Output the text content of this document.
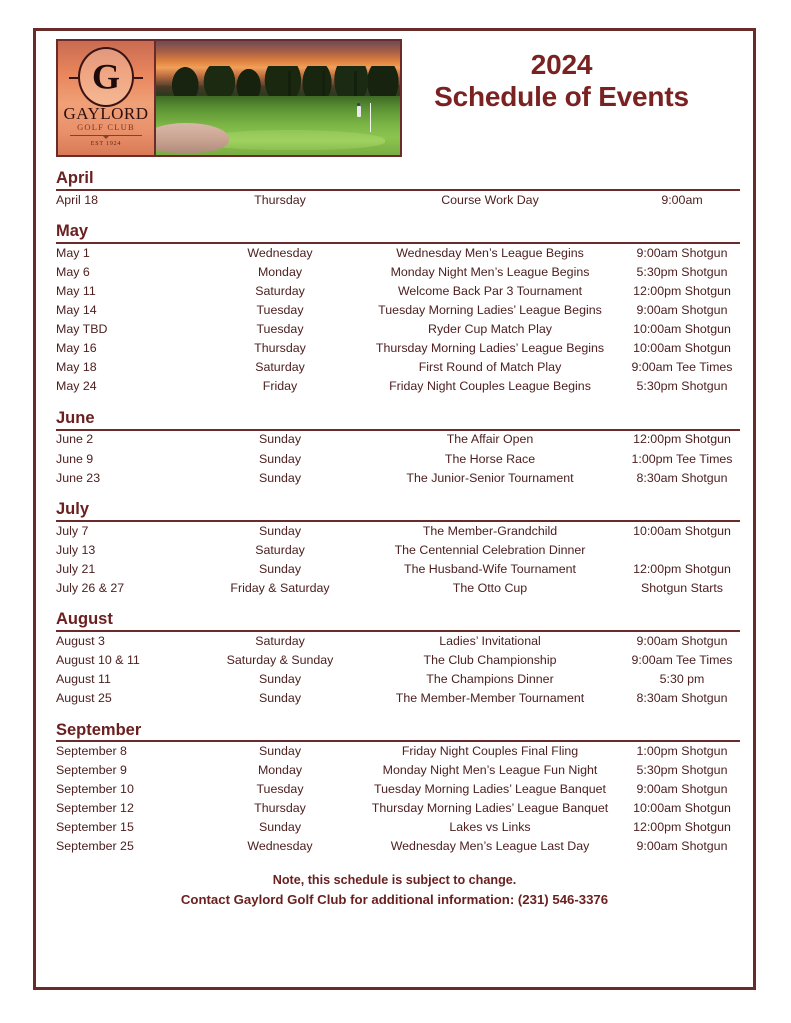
G
GAYLORD
GOLF CLUB
EST 1924
2024
Schedule of Events
April
April 18	Thursday	Course Work Day	9:00am
May
May 1	Wednesday	Wednesday Men’s League Begins	9:00am Shotgun
May 6	Monday	Monday Night Men’s League Begins	5:30pm Shotgun
May 11	Saturday	Welcome Back Par 3 Tournament	12:00pm Shotgun
May 14	Tuesday	Tuesday Morning Ladies’ League Begins	9:00am Shotgun
May TBD	Tuesday	Ryder Cup Match Play	10:00am Shotgun
May 16	Thursday	Thursday Morning Ladies’ League Begins	10:00am Shotgun
May 18	Saturday	First Round of Match Play	9:00am Tee Times
May 24	Friday	Friday Night Couples League Begins	5:30pm Shotgun
June
June 2	Sunday	The Affair Open	12:00pm Shotgun
June 9	Sunday	The Horse Race	1:00pm Tee Times
June 23	Sunday	The Junior-Senior Tournament	8:30am Shotgun
July
July 7	Sunday	The Member-Grandchild	10:00am Shotgun
July 13	Saturday	The Centennial Celebration Dinner	
July 21	Sunday	The Husband-Wife Tournament	12:00pm Shotgun
July 26 & 27	Friday & Saturday	The Otto Cup	Shotgun Starts
August
August 3	Saturday	Ladies’ Invitational	9:00am Shotgun
August 10 & 11	Saturday & Sunday	The Club Championship	9:00am Tee Times
August 11	Sunday	The Champions Dinner	5:30 pm
August 25	Sunday	The Member-Member Tournament	8:30am Shotgun
September
September 8	Sunday	Friday Night Couples Final Fling	1:00pm Shotgun
September 9	Monday	Monday Night Men’s League Fun Night	5:30pm Shotgun
September 10	Tuesday	Tuesday Morning Ladies’ League Banquet	9:00am Shotgun
September 12	Thursday	Thursday Morning Ladies’ League Banquet	10:00am Shotgun
September 15	Sunday	Lakes vs Links	12:00pm Shotgun
September 25	Wednesday	Wednesday Men’s League Last Day	9:00am Shotgun
Note, this schedule is subject to change.
Contact Gaylord Golf Club for additional information: (231) 546-3376
